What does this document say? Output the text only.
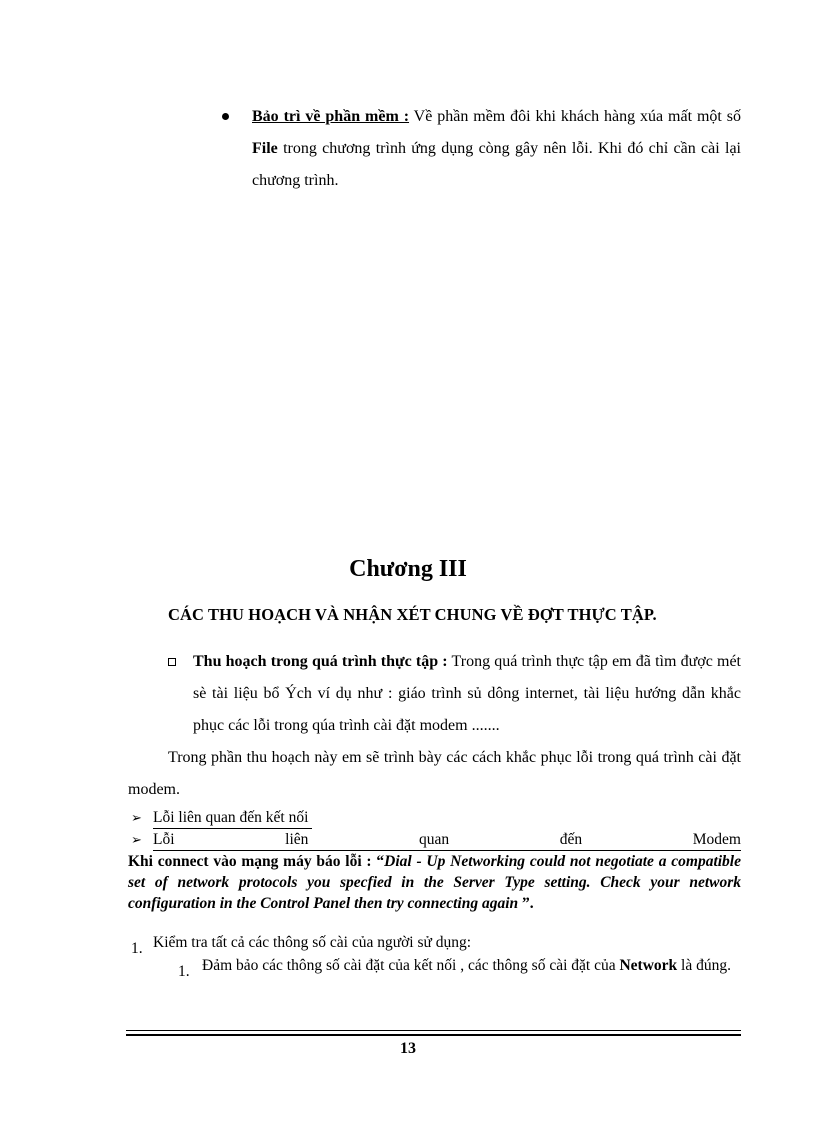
Bảo trì về phần mềm : Về phần mềm đôi khi khách hàng xúa mất một số File trong chương trình ứng dụng còng gây nên lỗi. Khi đó chỉ cần cài lại chương trình.
Chương III
CÁC THU HOẠCH VÀ NHẬN XÉT CHUNG VỀ ĐỢT THỰC TẬP.
Thu hoạch trong quá trình thực tập : Trong quá trình thực tập em đã tìm được mét sè tài liệu bổ Ých ví dụ như : giáo trình sủ dông internet, tài liệu hướng dẫn khắc phục các lỗi trong qúa trình cài đặt modem .......
Trong phần thu hoạch này em sẽ trình bày các cách khắc phục lỗi trong quá trình cài đặt modem.
➢ Lỗi liên quan đến kết nối
➢ Lỗi	liên	quan	đến	Modem
Khi connect vào mạng máy báo lỗi : “Dial - Up Networking could not negotiate a compatible set of network protocols you specfied in the Server Type setting. Check your network configuration in the Control Panel then try connecting again ”.
1. Kiểm tra tất cả các thông số cài của người sử dụng:
1. Đảm bảo các thông số cài đặt của kết nối , các thông số cài đặt của Network là đúng.
13
